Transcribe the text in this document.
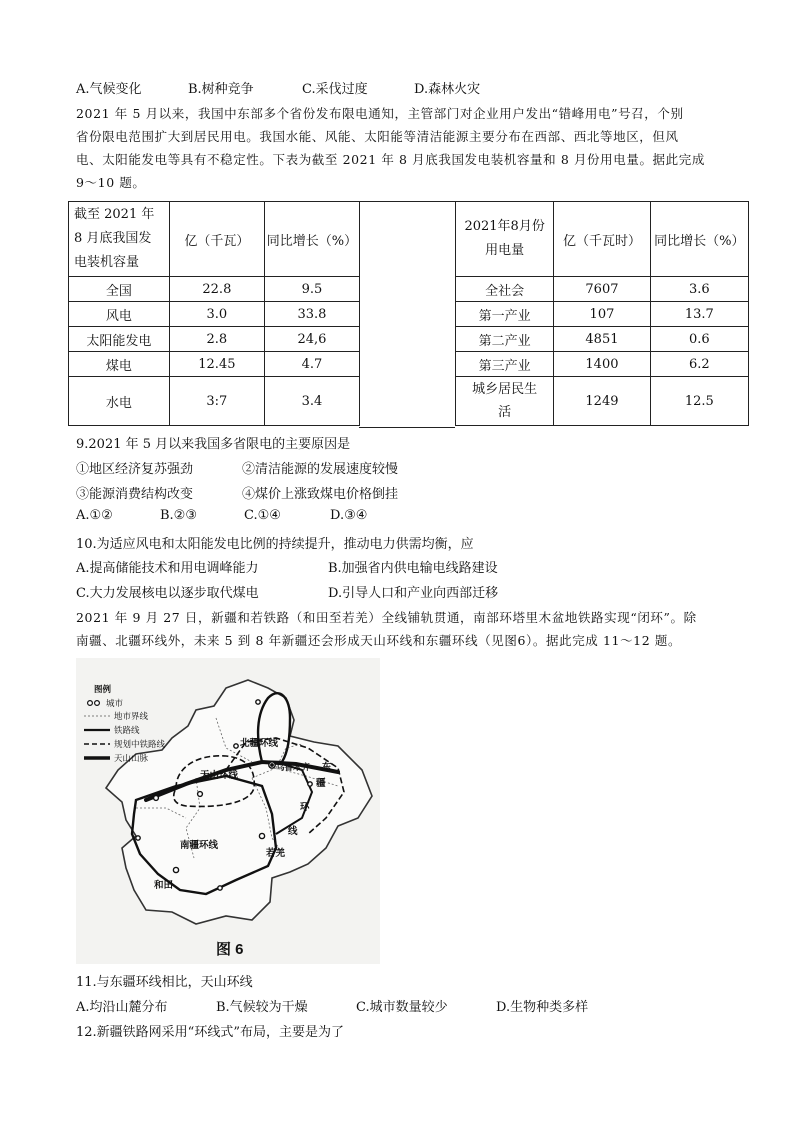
A.气候变化	B.树种竞争	C.采伐过度	D.森林火灾
2021 年 5 月以来，我国中东部多个省份发布限电通知，主管部门对企业用户发出“错峰用电”号召，个别
省份限电范围扩大到居民用电。我国水能、风能、太阳能等清洁能源主要分布在西部、西北等地区，但风
电、太阳能发电等具有不稳定性。下表为截至 2021 年 8 月底我国发电装机容量和 8 月份用电量。据此完成
9～10 题。
截至 2021 年
8 月底我国发
电装机容量	亿（千瓦）	同比增长（%）
全国	22.8	9.5
风电	3.0	33.8
太阳能发电	2.8	24,6
煤电	12.45	4.7
水电	3:7	3.4
2021年8月份
用电量	亿（千瓦时）	同比增长（%）
全社会	7607	3.6
第一产业	107	13.7
第二产业	4851	0.6
第三产业	1400	6.2

城乡居民生
活	1249	12.5
9.2021 年 5 月以来我国多省限电的主要原因是
①地区经济复苏强劲	②清洁能源的发展速度较慢
③能源消费结构改变	④煤价上涨致煤电价格倒挂
A.①②	B.②③	C.①④	D.③④
10.为适应风电和太阳能发电比例的持续提升，推动电力供需均衡，应
A.提高储能技术和用电调峰能力	B.加强省内供电输电线路建设
C.大力发展核电以逐步取代煤电	D.引导人口和产业向西部迁移
2021 年 9 月 27 日，新疆和若铁路（和田至若羌）全线铺轨贯通，南部环塔里木盆地铁路实现“闭环”。除
南疆、北疆环线外，未来 5 到 8 年新疆还会形成天山环线和东疆环线（见图6）。据此完成 11～12 题。
图例
城市
地市界线
铁路线
规划中铁路线
天山山脉
北疆环线
乌鲁木齐
天山环线
东
疆
环
线
南疆环线
若羌
和田
图 6
11.与东疆环线相比，天山环线
A.均沿山麓分布	B.气候较为干燥	C.城市数量较少	D.生物种类多样
12.新疆铁路网采用“环线式”布局，主要是为了
